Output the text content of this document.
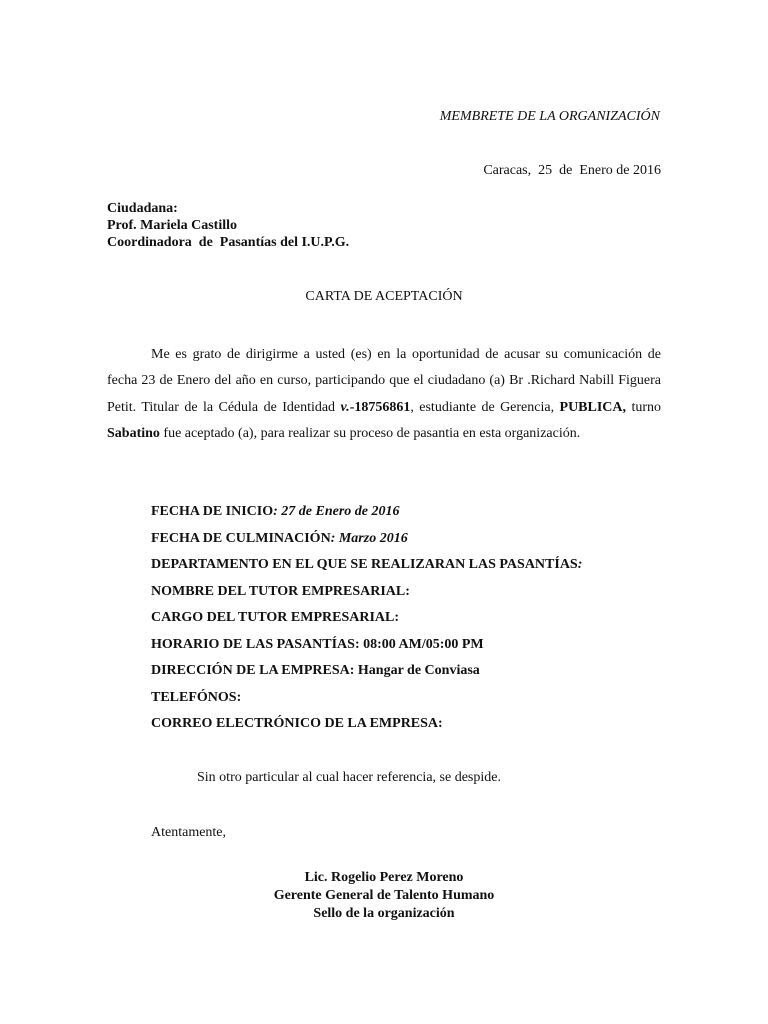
MEMBRETE DE LA ORGANIZACIÓN
Caracas,  25  de  Enero de 2016
Ciudadana:
Prof. Mariela Castillo
Coordinadora  de  Pasantías del I.U.P.G.
CARTA DE ACEPTACIÓN
Me es grato de dirigirme a usted (es) en la oportunidad de acusar su comunicación de fecha 23 de Enero del año en curso, participando que el ciudadano (a) Br .Richard Nabill Figuera Petit. Titular de la Cédula de Identidad v.-18756861, estudiante de Gerencia, PUBLICA, turno Sabatino fue aceptado (a), para realizar su proceso de pasantia en esta organización.
FECHA DE INICIO: 27 de Enero de 2016
FECHA DE CULMINACIÓN: Marzo 2016
DEPARTAMENTO EN EL QUE SE REALIZARAN LAS PASANTÍAS:
NOMBRE DEL TUTOR EMPRESARIAL:
CARGO DEL TUTOR EMPRESARIAL:
HORARIO DE LAS PASANTÍAS: 08:00 AM/05:00 PM
DIRECCIÓN DE LA EMPRESA: Hangar de Conviasa
TELEFÓNOS:
CORREO ELECTRÓNICO DE LA EMPRESA:
Sin otro particular al cual hacer referencia, se despide.
Atentamente,
Lic. Rogelio Perez Moreno
Gerente General de Talento Humano
Sello de la organización
